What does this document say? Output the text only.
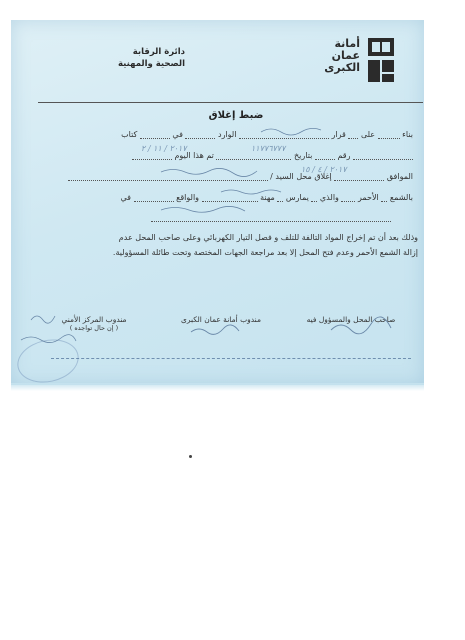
أمانة
عمان
الكبرى
دائرة الرقابة
الصحية والمهنية
ضبط إغلاق
بناء  على  قرار  الوارد  في  كتاب
رقم  بتاريخ  تم هذا اليوم
١١٧٧٦٧٧٧
٢٠١٧ / ١١ / ٢
الموافق  إغلاق محل السيد /
٢٠١٧ / ٤ / ١٥
بالشمع  الأحمر  والذي  يمارس  مهنة  والواقع  في
وذلك بعد أن تم إخراج المواد التالفة للتلف و فصل التيار الكهربائي وعلى صاحب المحل عدم
إزالة الشمع الأحمر وعدم فتح المحل إلا بعد مراجعة الجهات المختصة وتحت طائلة المسؤولية.
صاحب المحل والمسؤول فيه
مندوب أمانة عمان الكبرى
مندوب المركز الأمني
( إن حال تواجده )
